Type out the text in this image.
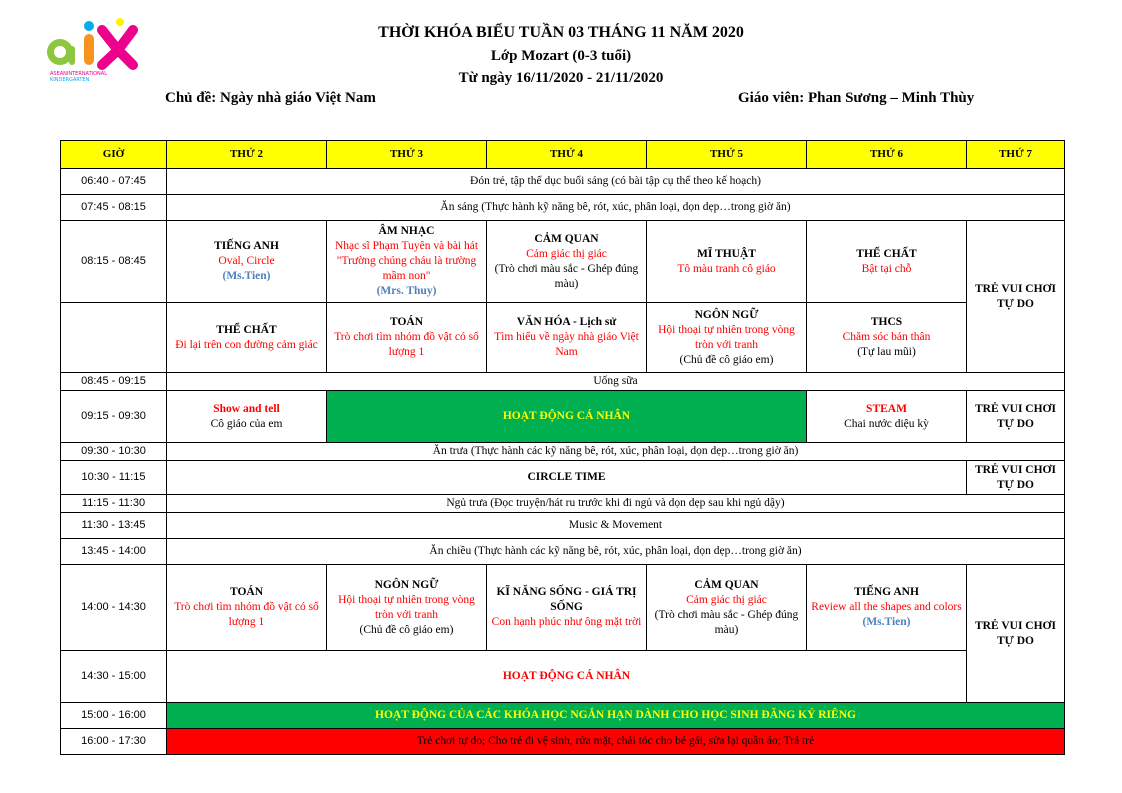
ASEANINTERNATIONAL
KINDERGARTEN
THỜI KHÓA BIỂU TUẦN 03 THÁNG 11 NĂM 2020
Lớp Mozart (0-3 tuổi)
Từ ngày 16/11/2020 - 21/11/2020
Chủ đề: Ngày nhà giáo Việt Nam	Giáo viên: Phan Sương – Minh Thùy
GIỜ	THỨ 2	THỨ 3	THỨ 4	THỨ 5	THỨ 6	THỨ 7
06:40 - 07:45	Đón trẻ, tập thể dục buổi sáng (có bài tập cụ thể theo kế hoạch)					
07:45 - 08:15	Ăn sáng (Thực hành kỹ năng bê, rót, xúc, phân loại, dọn dẹp…trong giờ ăn)					
08:15 - 08:45	TIẾNG ANH
Oval, Circle
(Ms.Tien)	ÂM NHẠC
Nhạc sĩ Phạm Tuyên và bài hát "Trường chúng cháu là trường mầm non"
(Mrs. Thuy)	CẢM QUAN
Cảm giác thị giác
(Trò chơi màu sắc - Ghép đúng màu)	MĨ THUẬT
Tô màu tranh cô giáo	THỂ CHẤT
Bật tại chỗ	TRẺ VUI CHƠI TỰ DO

	THỂ CHẤT
Đi lại trên con đường cảm giác	TOÁN
Trò chơi tìm nhóm đồ vật có số lượng 1	VĂN HÓA - Lịch sử
Tìm hiểu về ngày nhà giáo Việt Nam	NGÔN NGỮ
Hội thoại tự nhiên trong vòng tròn với tranh
(Chủ đề cô giáo em)	THCS
Chăm sóc bản thân
(Tự lau mũi)	

08:45 - 09:15	Uống sữa					
09:15 - 09:30	Show and tell
Cô giáo của em	HOẠT ĐỘNG CÁ NHÂN			STEAM
Chai nước diệu kỳ	TRẺ VUI CHƠI TỰ DO
09:30 - 10:30	Ăn trưa (Thực hành các kỹ năng bê, rót, xúc, phân loại, dọn dẹp…trong giờ ăn)					
10:30 - 11:15	CIRCLE TIME					TRẺ VUI CHƠI TỰ DO
11:15 - 11:30	Ngủ trưa (Đọc truyện/hát ru trước khi đi ngủ và dọn dẹp sau khi ngủ dậy)					
11:30 - 13:45	Music & Movement					
13:45 - 14:00	Ăn chiều (Thực hành các kỹ năng bê, rót, xúc, phân loại, dọn dẹp…trong giờ ăn)					
14:00 - 14:30	TOÁN
Trò chơi tìm nhóm đồ vật có số lượng 1	NGÔN NGỮ
Hội thoại tự nhiên trong vòng tròn với tranh
(Chủ đề cô giáo em)	KĨ NĂNG SỐNG - GIÁ TRỊ SỐNG
Con hạnh phúc như ông mặt trời	CẢM QUAN
Cảm giác thị giác
(Trò chơi màu sắc - Ghép đúng màu)	TIẾNG ANH
Review all the shapes and colors
(Ms.Tien)	TRẺ VUI CHƠI TỰ DO
14:30 - 15:00	HOẠT ĐỘNG CÁ NHÂN					
15:00 - 16:00	HOẠT ĐỘNG CỦA CÁC KHÓA HỌC NGẮN HẠN DÀNH CHO HỌC SINH ĐĂNG KÝ RIÊNG					
16:00 - 17:30	Trẻ chơi tự do; Cho trẻ đi vệ sinh, rửa mặt, chải tóc cho bé gái, sửa lại quần áo; Trả trẻ					
